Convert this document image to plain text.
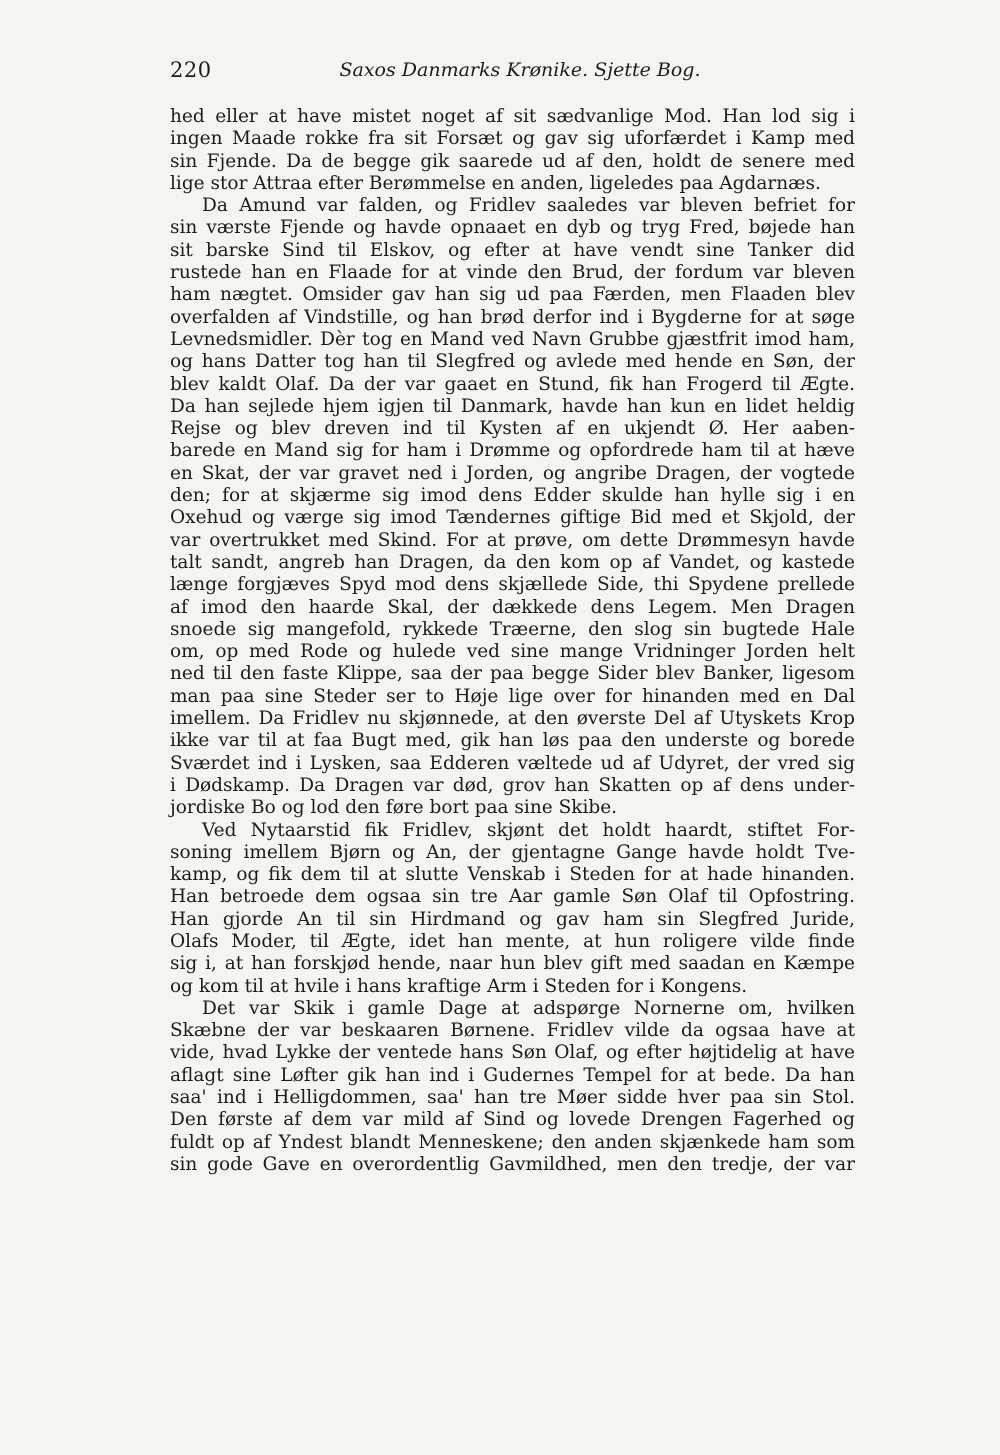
220	Saxos Danmarks Krønike. Sjette Bog.
hed eller at have mistet noget af sit sædvanlige Mod. Han lod sig i
ingen Maade rokke fra sit Forsæt og gav sig uforfærdet i Kamp med
sin Fjende. Da de begge gik saarede ud af den, holdt de senere med
lige stor Attraa efter Berømmelse en anden, ligeledes paa Agdarnæs.
Da Amund var falden, og Fridlev saaledes var bleven befriet for
sin værste Fjende og havde opnaaet en dyb og tryg Fred, bøjede han
sit barske Sind til Elskov, og efter at have vendt sine Tanker did
rustede han en Flaade for at vinde den Brud, der fordum var bleven
ham nægtet. Omsider gav han sig ud paa Færden, men Flaaden blev
overfalden af Vindstille, og han brød derfor ind i Bygderne for at søge
Levnedsmidler. Dèr tog en Mand ved Navn Grubbe gjæstfrit imod ham,
og hans Datter tog han til Slegfred og avlede med hende en Søn, der
blev kaldt Olaf. Da der var gaaet en Stund, fik han Frogerd til Ægte.
Da han sejlede hjem igjen til Danmark, havde han kun en lidet heldig
Rejse og blev dreven ind til Kysten af en ukjendt Ø. Her aaben-
barede en Mand sig for ham i Drømme og opfordrede ham til at hæve
en Skat, der var gravet ned i Jorden, og angribe Dragen, der vogtede
den; for at skjærme sig imod dens Edder skulde han hylle sig i en
Oxehud og værge sig imod Tændernes giftige Bid med et Skjold, der
var overtrukket med Skind. For at prøve, om dette Drømmesyn havde
talt sandt, angreb han Dragen, da den kom op af Vandet, og kastede
længe forgjæves Spyd mod dens skjællede Side, thi Spydene prellede
af imod den haarde Skal, der dækkede dens Legem. Men Dragen
snoede sig mangefold, rykkede Træerne, den slog sin bugtede Hale
om, op med Rode og hulede ved sine mange Vridninger Jorden helt
ned til den faste Klippe, saa der paa begge Sider blev Banker, ligesom
man paa sine Steder ser to Høje lige over for hinanden med en Dal
imellem. Da Fridlev nu skjønnede, at den øverste Del af Utyskets Krop
ikke var til at faa Bugt med, gik han løs paa den underste og borede
Sværdet ind i Lysken, saa Edderen væltede ud af Udyret, der vred sig
i Dødskamp. Da Dragen var død, grov han Skatten op af dens under-
jordiske Bo og lod den føre bort paa sine Skibe.
Ved Nytaarstid fik Fridlev, skjønt det holdt haardt, stiftet For-
soning imellem Bjørn og An, der gjentagne Gange havde holdt Tve-
kamp, og fik dem til at slutte Venskab i Steden for at hade hinanden.
Han betroede dem ogsaa sin tre Aar gamle Søn Olaf til Opfostring.
Han gjorde An til sin Hirdmand og gav ham sin Slegfred Juride,
Olafs Moder, til Ægte, idet han mente, at hun roligere vilde finde
sig i, at han forskjød hende, naar hun blev gift med saadan en Kæmpe
og kom til at hvile i hans kraftige Arm i Steden for i Kongens.
Det var Skik i gamle Dage at adspørge Nornerne om, hvilken
Skæbne der var beskaaren Børnene. Fridlev vilde da ogsaa have at
vide, hvad Lykke der ventede hans Søn Olaf, og efter højtidelig at have
aflagt sine Løfter gik han ind i Gudernes Tempel for at bede. Da han
saa' ind i Helligdommen, saa' han tre Møer sidde hver paa sin Stol.
Den første af dem var mild af Sind og lovede Drengen Fagerhed og
fuldt op af Yndest blandt Menneskene; den anden skjænkede ham som
sin gode Gave en overordentlig Gavmildhed, men den tredje, der var
